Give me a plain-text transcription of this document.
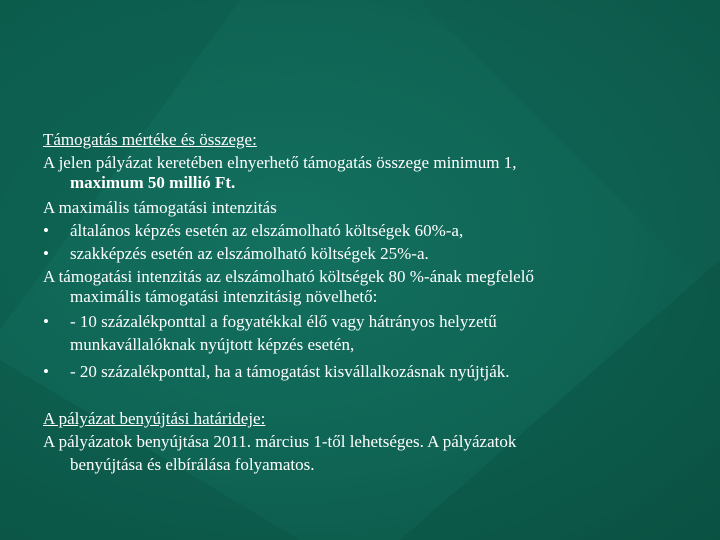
Támogatás mértéke és összege:
A jelen pályázat keretében elnyerhető támogatás összege minimum 1,
maximum 50 millió Ft.
A maximális támogatási intenzitás
•	általános képzés esetén az elszámolható költségek 60%-a,
•	szakképzés esetén az elszámolható költségek 25%-a.
A támogatási intenzitás az elszámolható költségek 80 %-ának megfelelő
maximális támogatási intenzitásig növelhető:
•	- 10 százalékponttal a fogyatékkal élő vagy hátrányos helyzetű
munkavállalóknak nyújtott képzés esetén,
•	- 20 százalékponttal, ha a támogatást kisvállalkozásnak nyújtják.
A pályázat benyújtási határideje:
A pályázatok benyújtása 2011. március 1-től lehetséges. A pályázatok
benyújtása és elbírálása folyamatos.
